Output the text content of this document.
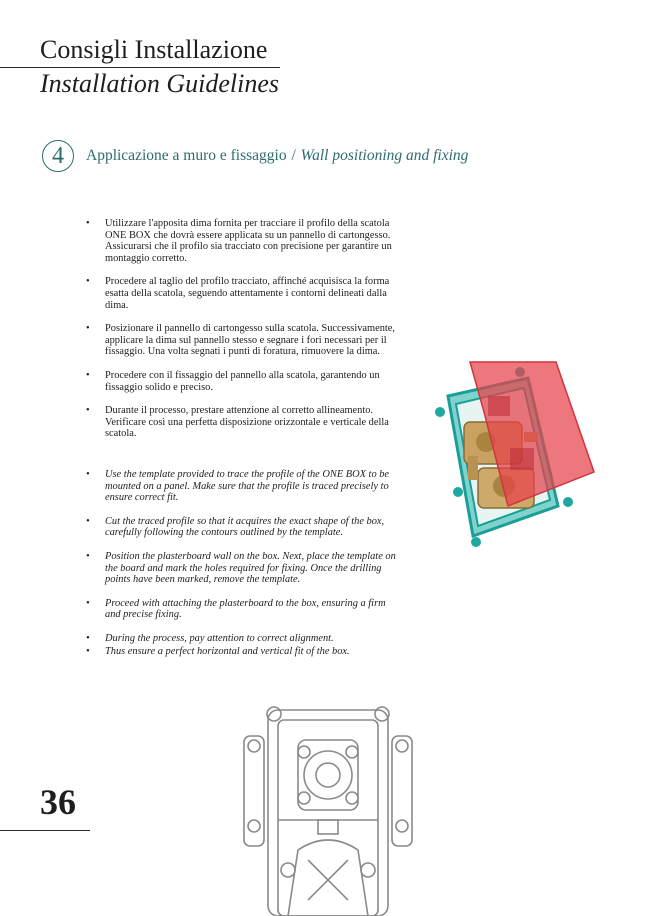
Consigli Installazione
Installation Guidelines
4	Applicazione a muro e fissaggio / Wall positioning and fixing
• Utilizzare l'apposita dima fornita per tracciare il profilo della scatola ONE BOX che dovrà essere applicata su un pannello di cartongesso. Assicurarsi che il profilo sia tracciato con precisione per garantire un montaggio corretto.
• Procedere al taglio del profilo tracciato, affinché acquisisca la forma esatta della scatola, seguendo attentamente i contorni delineati dalla dima.
• Posizionare il pannello di cartongesso sulla scatola. Successivamente, applicare la dima sul pannello stesso e segnare i fori necessari per il fissaggio. Una volta segnati i punti di foratura, rimuovere la dima.
• Procedere con il fissaggio del pannello alla scatola, garantendo un fissaggio solido e preciso.
• Durante il processo, prestare attenzione al corretto allineamento. Verificare così una perfetta disposizione orizzontale e verticale della scatola.
• Use the template provided to trace the profile of the ONE BOX to be mounted on a panel. Make sure that the profile is traced precisely to ensure correct fit.
• Cut the traced profile so that it acquires the exact shape of the box, carefully following the contours outlined by the template.
• Position the plasterboard wall on the box. Next, place the template on the board and mark the holes required for fixing. Once the drilling points have been marked, remove the template.
• Proceed with attaching the plasterboard to the box, ensuring a firm and precise fixing.
• During the process, pay attention to correct alignment.
• Thus ensure a perfect horizontal and vertical fit of the box.
36
